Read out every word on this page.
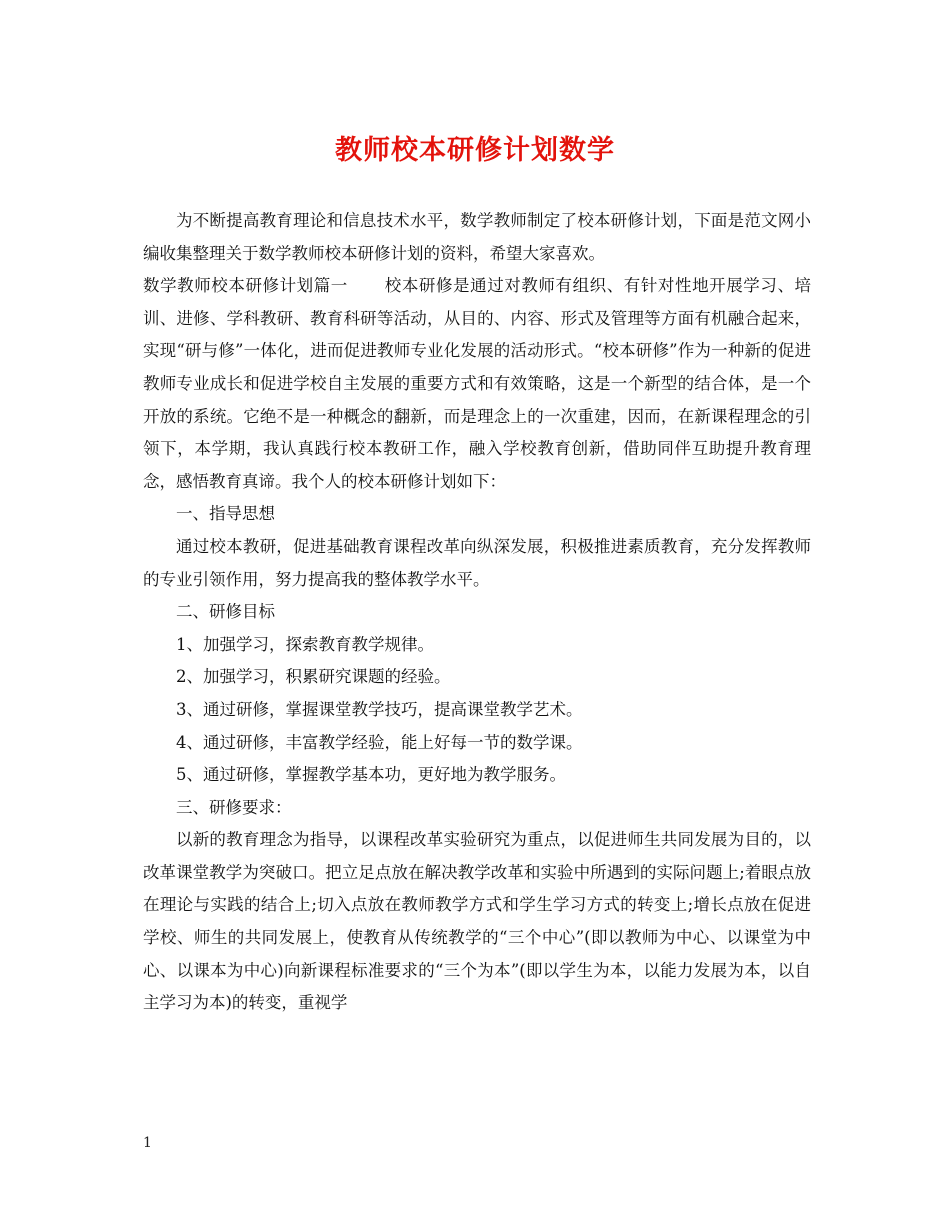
教师校本研修计划数学

为不断提高教育理论和信息技术水平，数学教师制定了校本研修计划，下面是范文网小编收集整理关于数学教师校本研修计划的资料，希望大家喜欢。

数学教师校本研修计划篇一 校本研修是通过对教师有组织、有针对性地开展学习、培训、进修、学科教研、教育科研等活动，从目的、内容、形式及管理等方面有机融合起来，实现“研与修”一体化，进而促进教师专业化发展的活动形式。“校本研修”作为一种新的促进教师专业成长和促进学校自主发展的重要方式和有效策略，这是一个新型的结合体，是一个开放的系统。它绝不是一种概念的翻新，而是理念上的一次重建，因而，在新课程理念的引领下，本学期，我认真践行校本教研工作，融入学校教育创新，借助同伴互助提升教育理念，感悟教育真谛。我个人的校本研修计划如下：

一、指导思想

通过校本教研，促进基础教育课程改革向纵深发展，积极推进素质教育，充分发挥教师的专业引领作用，努力提高我的整体教学水平。

二、研修目标

1、加强学习，探索教育教学规律。

2、加强学习，积累研究课题的经验。

3、通过研修，掌握课堂教学技巧，提高课堂教学艺术。

4、通过研修，丰富教学经验，能上好每一节的数学课。

5、通过研修，掌握教学基本功，更好地为教学服务。

三、研修要求：

以新的教育理念为指导，以课程改革实验研究为重点，以促进师生共同发展为目的，以改革课堂教学为突破口。把立足点放在解决教学改革和实验中所遇到的实际问题上;着眼点放在理论与实践的结合上;切入点放在教师教学方式和学生学习方式的转变上;增长点放在促进学校、师生的共同发展上，使教育从传统教学的“三个中心”(即以教师为中心、以课堂为中心、以课本为中心)向新课程标准要求的“三个为本”(即以学生为本，以能力发展为本，以自主学习为本)的转变，重视学

1
